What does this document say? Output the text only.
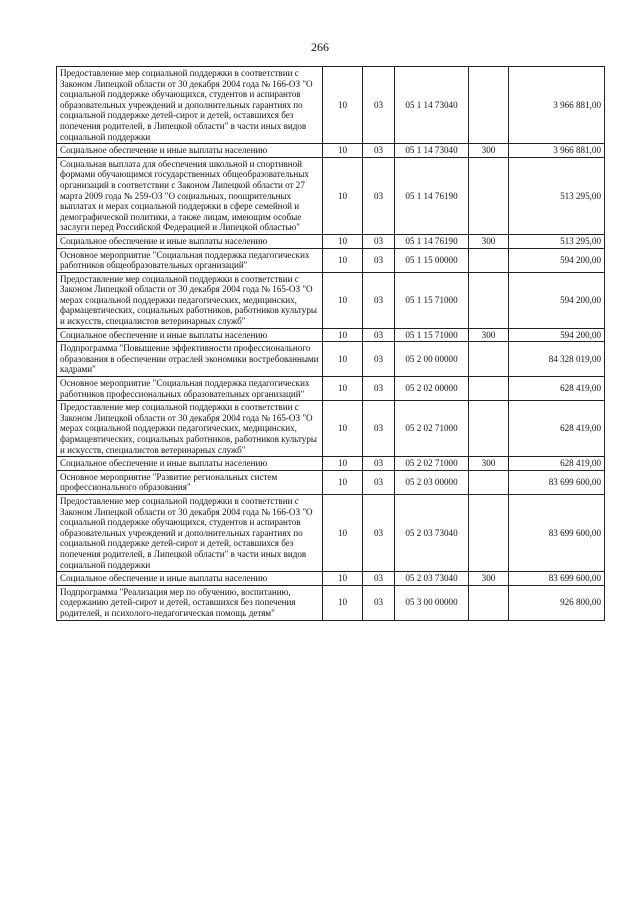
266
Предоставление мер социальной поддержки в соответствии с Законом Липецкой области от 30 декабря 2004 года № 166-ОЗ "О социальной поддержке обучающихся, студентов и аспирантов образовательных учреждений и дополнительных гарантиях по социальной поддержке детей-сирот и детей, оставшихся без попечения родителей, в Липецкой области" в части иных видов социальной поддержки	10	03	05 1 14 73040		3 966 881,00
Социальное обеспечение и иные выплаты населению	10	03	05 1 14 73040	300	3 966 881,00
Социальная выплата для обеспечения школьной и спортивной формами обучающимся государственных общеобразовательных организаций в соответствии с Законом Липецкой области от 27 марта 2009 года № 259-ОЗ "О социальных, поощрительных выплатах и мерах социальной поддержки в сфере семейной и демографической политики, а также лицам, имеющим особые заслуги перед Российской Федерацией и Липецкой областью"	10	03	05 1 14 76190		513 295,00
Социальное обеспечение и иные выплаты населению	10	03	05 1 14 76190	300	513 295,00
Основное мероприятие "Социальная поддержка педагогических работников общеобразовательных организаций"	10	03	05 1 15 00000		594 200,00
Предоставление мер социальной поддержки в соответствии с Законом Липецкой области от 30 декабря 2004 года № 165-ОЗ "О мерах социальной поддержки педагогических, медицинских, фармацевтических, социальных работников, работников культуры и искусств, специалистов ветеринарных служб"	10	03	05 1 15 71000		594 200,00
Социальное обеспечение и иные выплаты населению	10	03	05 1 15 71000	300	594 200,00
Подпрограмма "Повышение эффективности профессионального образования в обеспечении отраслей экономики востребованными кадрами"	10	03	05 2 00 00000		84 328 019,00
Основное мероприятие "Социальная поддержка педагогических работников профессиональных образовательных организаций"	10	03	05 2 02 00000		628 419,00
Предоставление мер социальной поддержки в соответствии с Законом Липецкой области от 30 декабря 2004 года № 165-ОЗ "О мерах социальной поддержки педагогических, медицинских, фармацевтических, социальных работников, работников культуры и искусств, специалистов ветеринарных служб"	10	03	05 2 02 71000		628 419,00
Социальное обеспечение и иные выплаты населению	10	03	05 2 02 71000	300	628 419,00
Основное мероприятие "Развитие региональных систем профессионального образования"	10	03	05 2 03 00000		83 699 600,00
Предоставление мер социальной поддержки в соответствии с Законом Липецкой области от 30 декабря 2004 года № 166-ОЗ "О социальной поддержке обучающихся, студентов и аспирантов образовательных учреждений и дополнительных гарантиях по социальной поддержке детей-сирот и детей, оставшихся без попечения родителей, в Липецкой области" в части иных видов социальной поддержки	10	03	05 2 03 73040		83 699 600,00
Социальное обеспечение и иные выплаты населению	10	03	05 2 03 73040	300	83 699 600,00
Подпрограмма "Реализация мер по обучению, воспитанию, содержанию детей-сирот и детей, оставшихся без попечения родителей, и психолого-педагогическая помощь детям"	10	03	05 3 00 00000		926 800,00
